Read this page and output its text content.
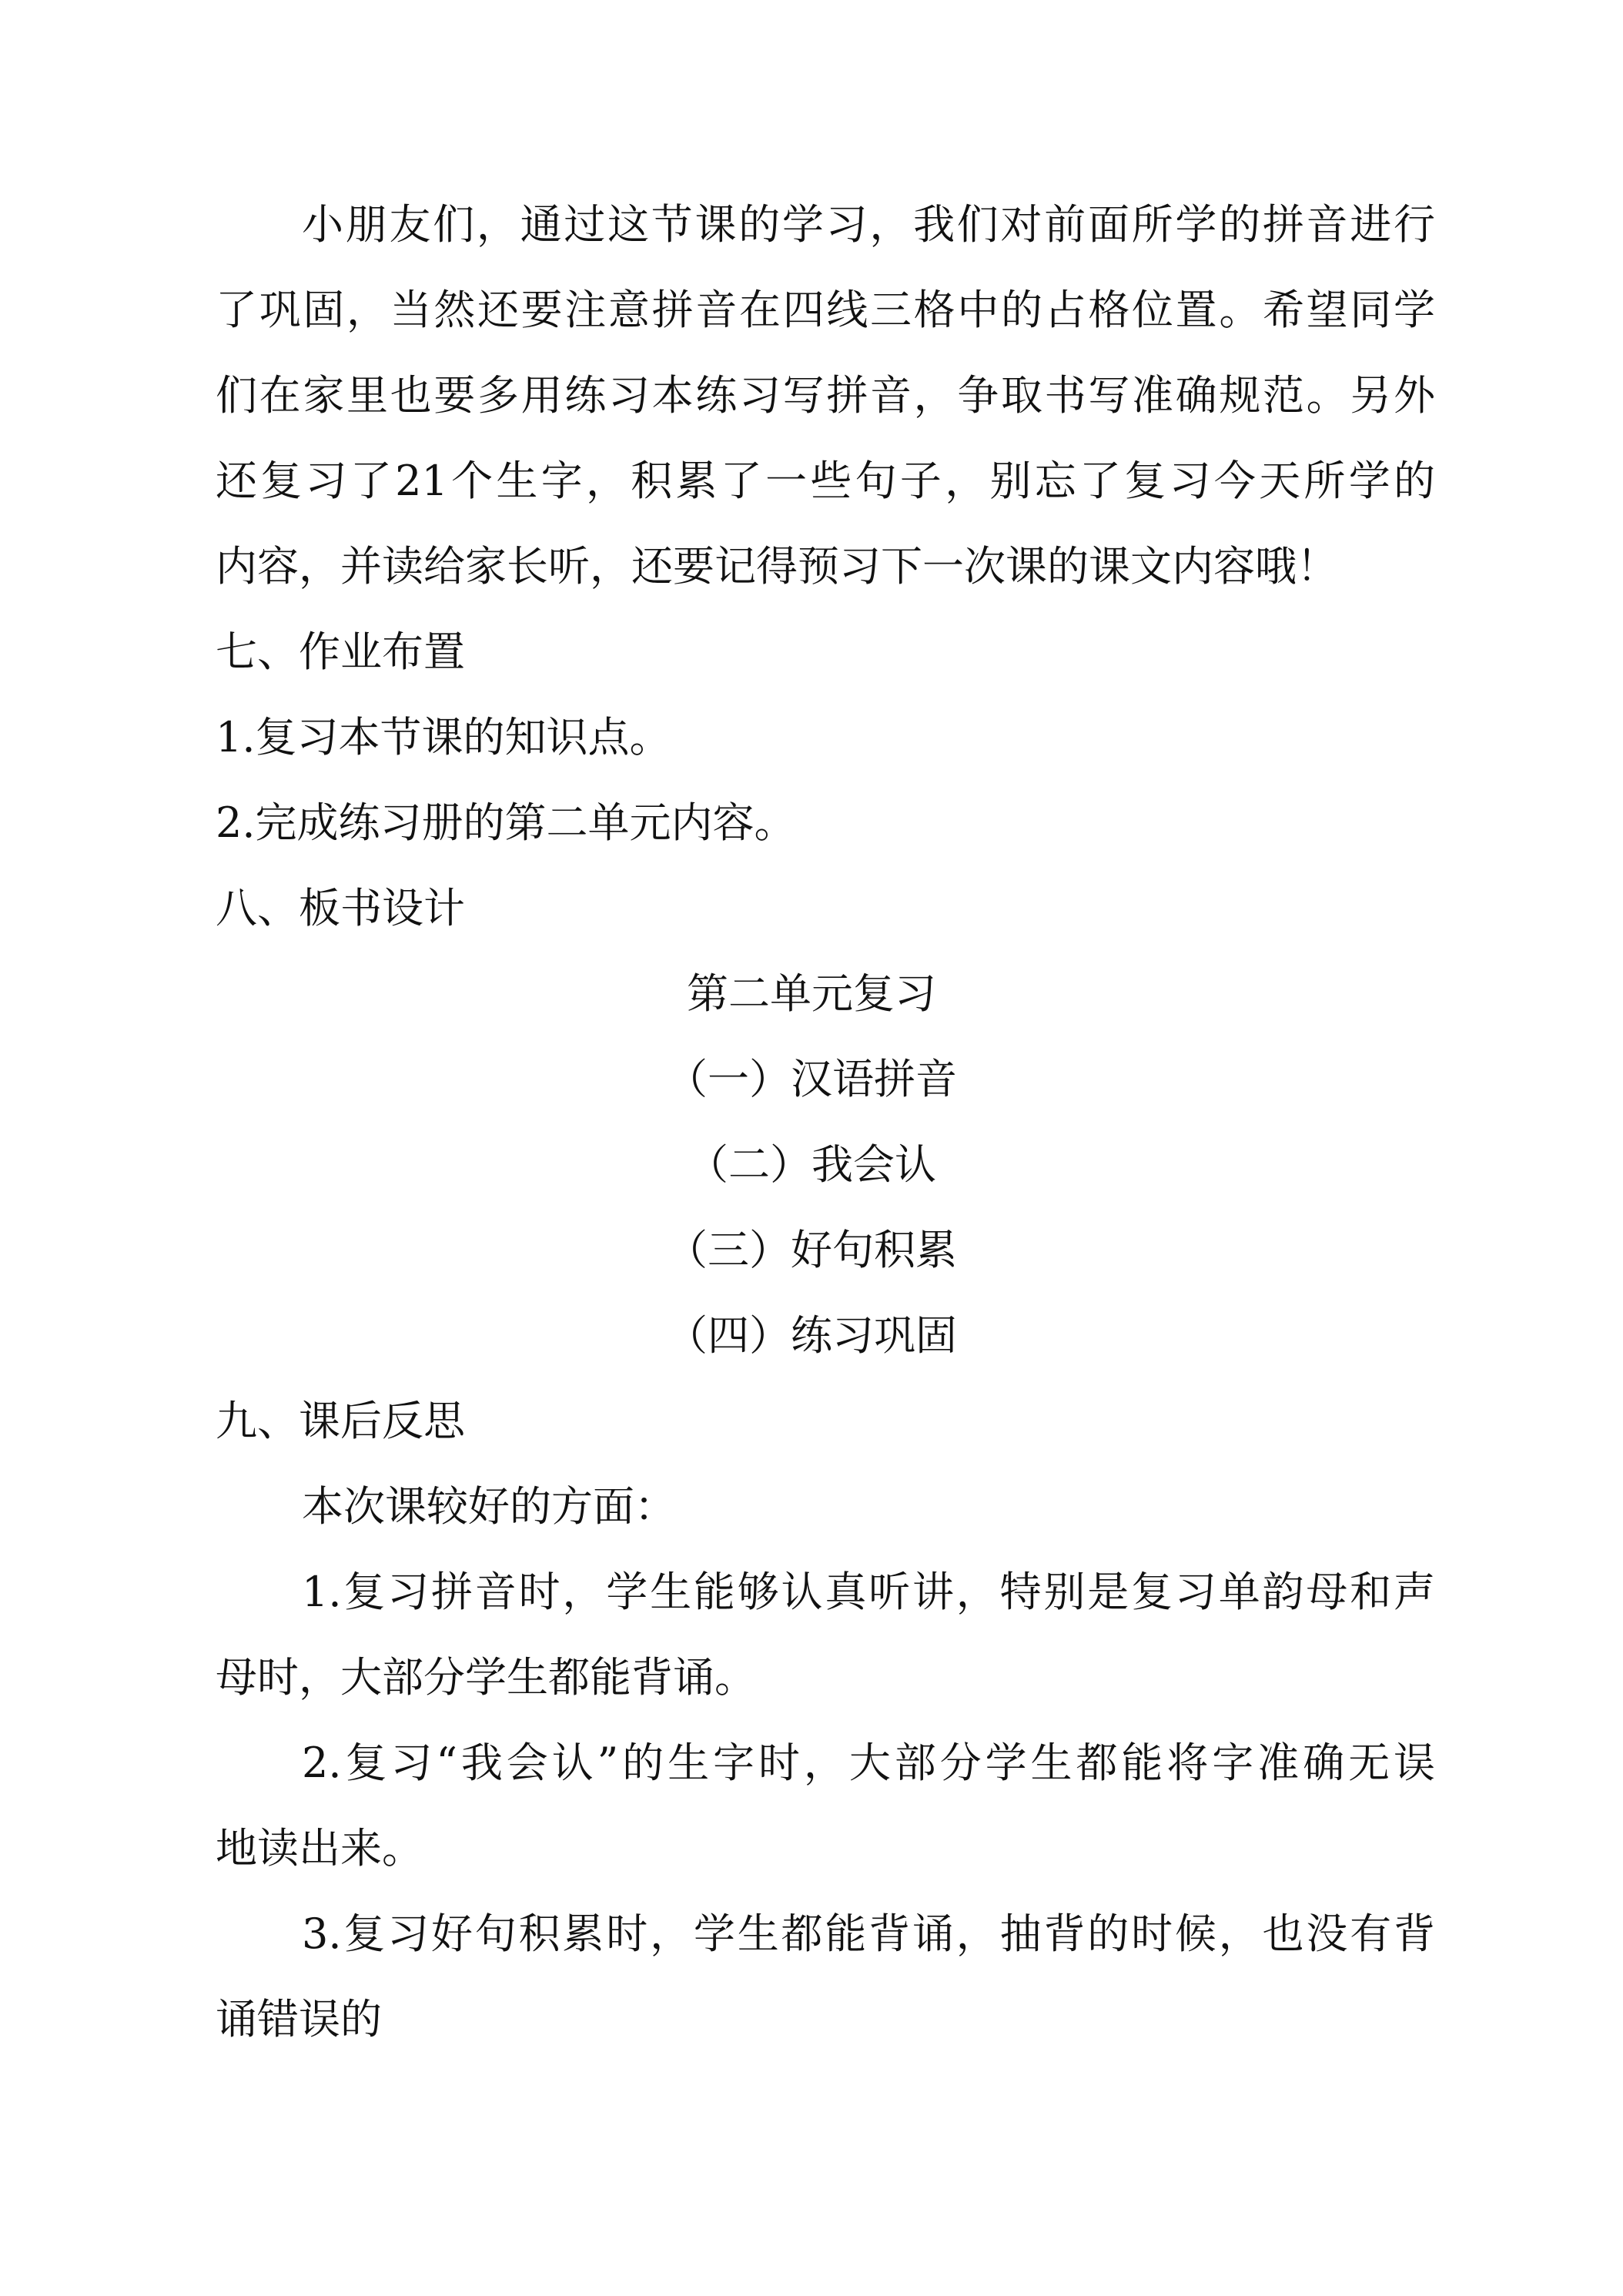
小朋友们，通过这节课的学习，我们对前面所学的拼音进行
了巩固，当然还要注意拼音在四线三格中的占格位置。希望同学
们在家里也要多用练习本练习写拼音，争取书写准确规范。另外
还复习了21个生字，积累了一些句子，别忘了复习今天所学的
内容，并读给家长听，还要记得预习下一次课的课文内容哦！
七、作业布置
1.复习本节课的知识点。
2.完成练习册的第二单元内容。
八、板书设计
第二单元复习
（一）汉语拼音
（二）我会认
（三）好句积累
（四）练习巩固
九、课后反思
本次课较好的方面：
1.复习拼音时，学生能够认真听讲，特别是复习单韵母和声
母时，大部分学生都能背诵。
2.复习“我会认”的生字时，大部分学生都能将字准确无误
地读出来。
3.复习好句积累时，学生都能背诵，抽背的时候，也没有背
诵错误的
